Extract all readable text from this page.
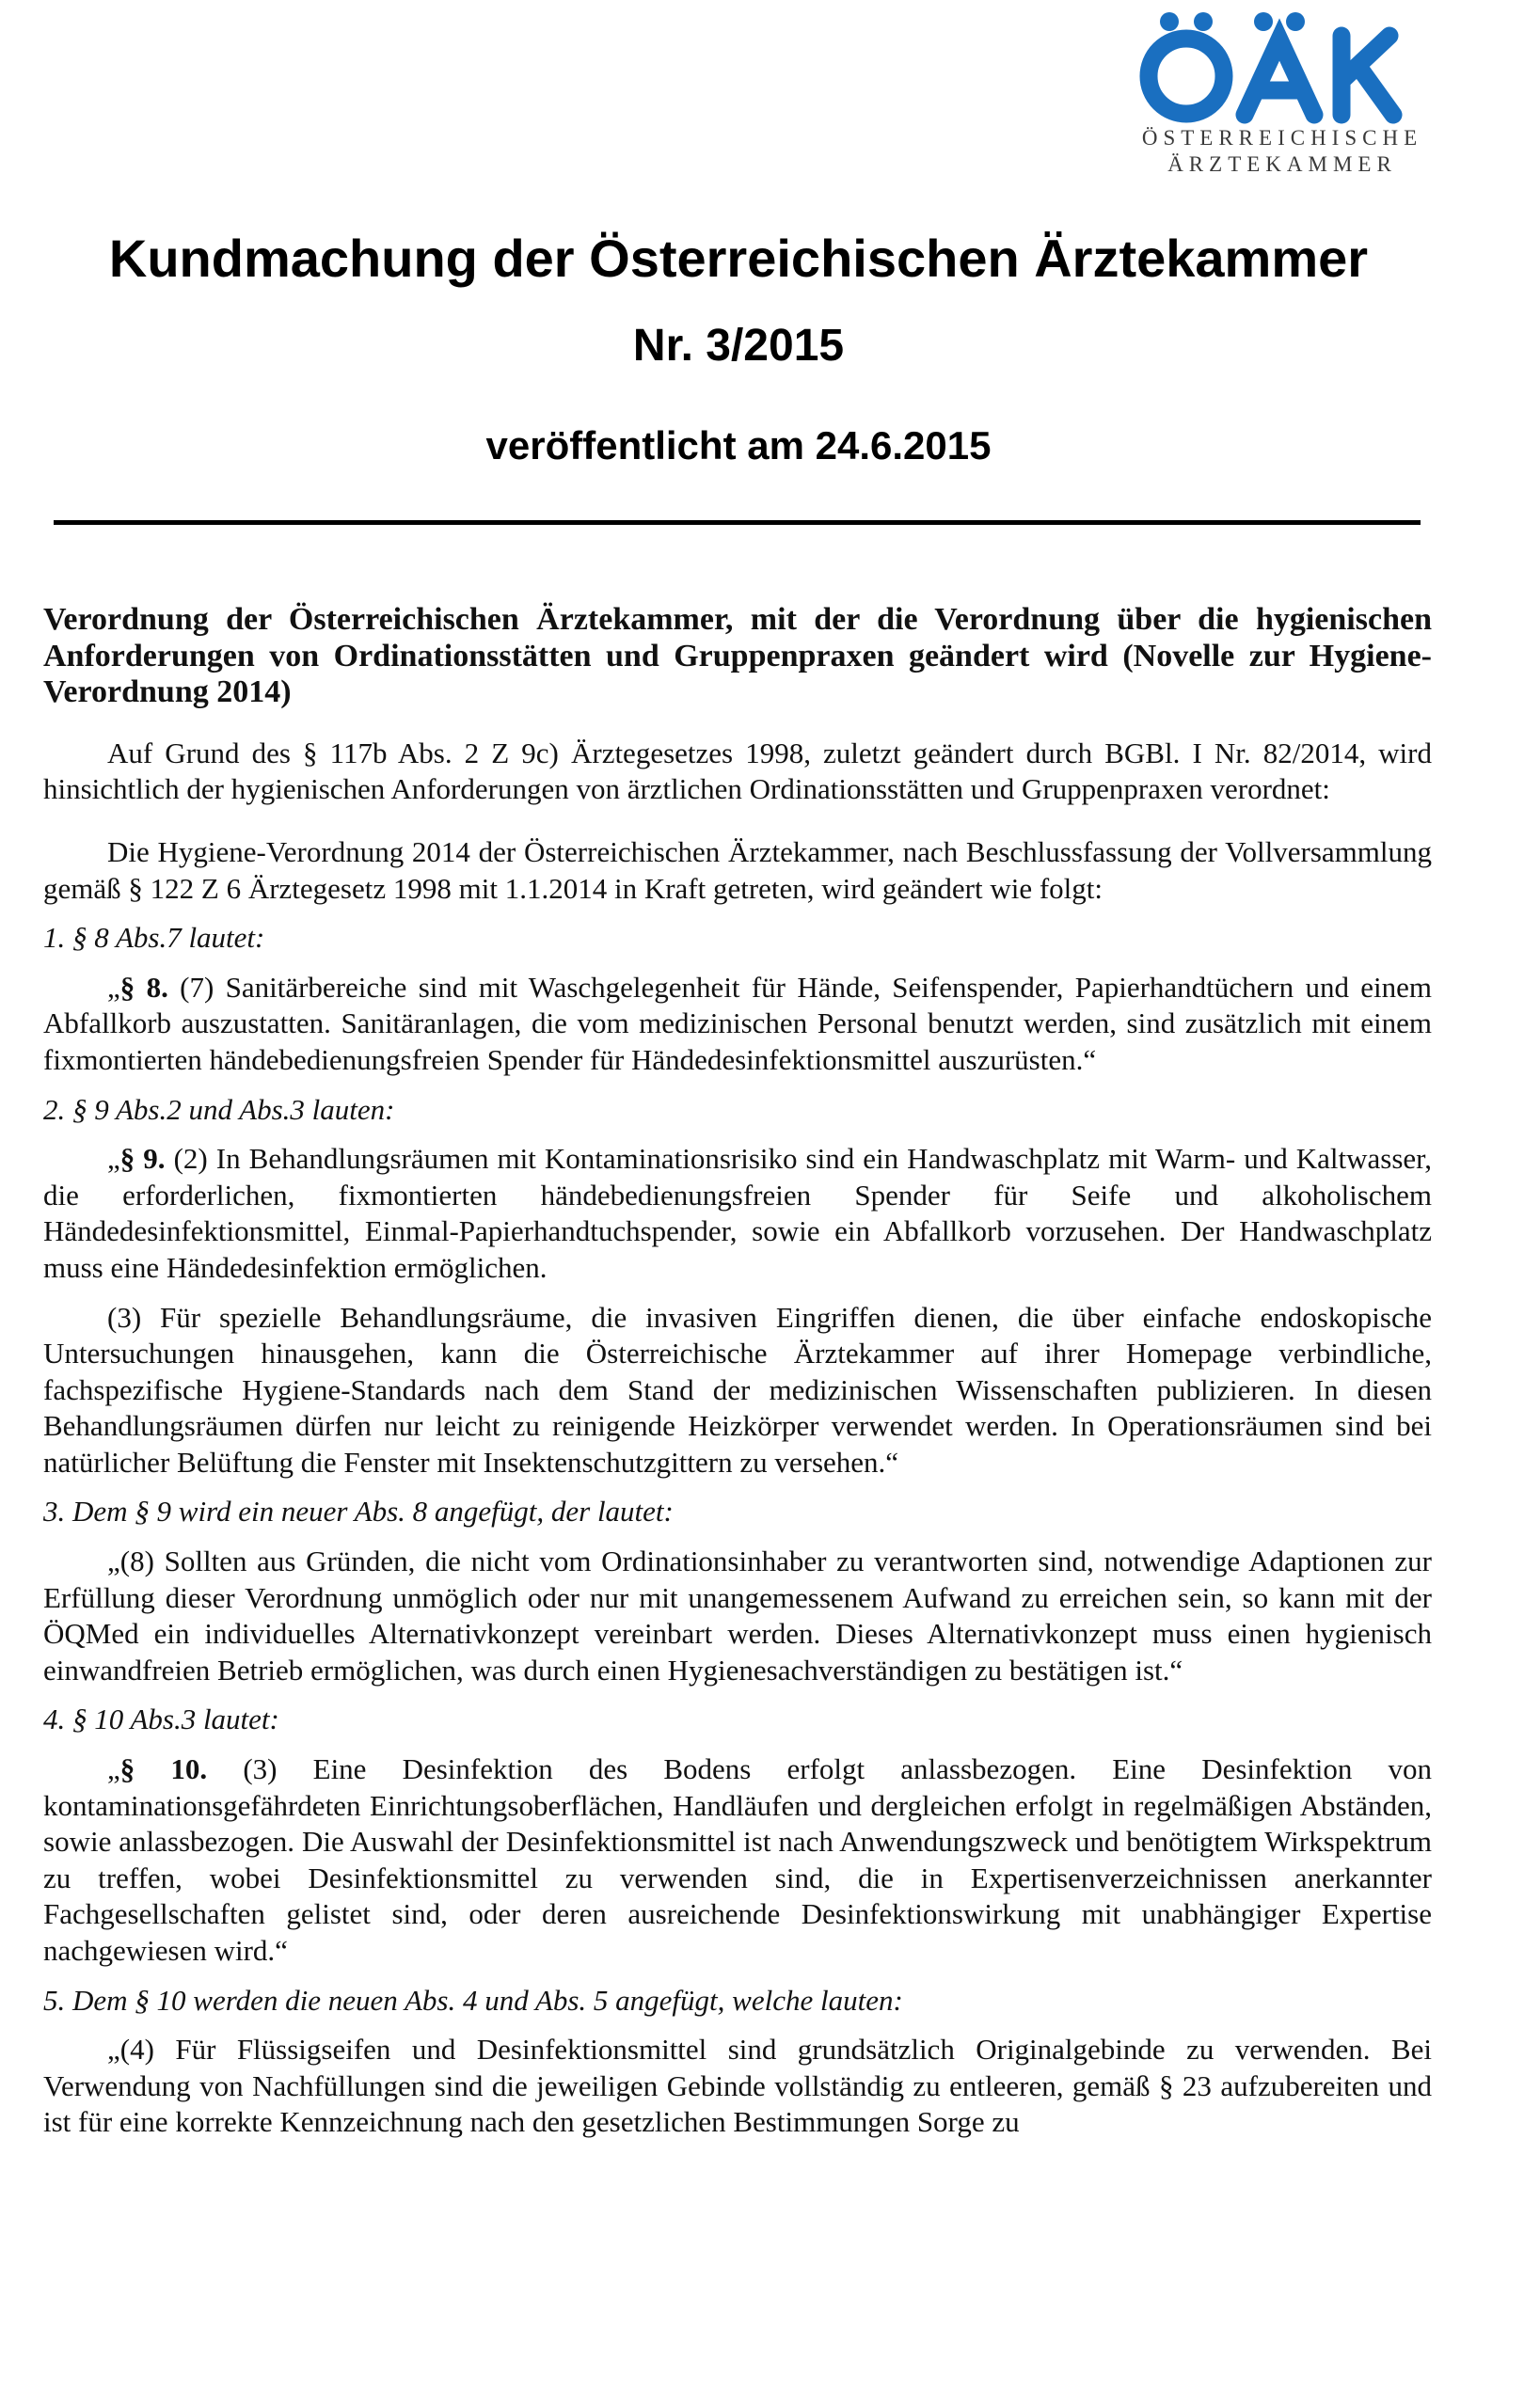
ÖSTERREICHISCHE
ÄRZTEKAMMER
Kundmachung der Österreichischen Ärztekammer
Nr. 3/2015
veröffentlicht am 24.6.2015
Verordnung der Österreichischen Ärztekammer, mit der die Verordnung über die hygienischen Anforderungen von Ordinationsstätten und Gruppenpraxen geändert wird (Novelle zur Hygiene-Verordnung 2014)

Auf Grund des § 117b Abs. 2 Z 9c) Ärztegesetzes 1998, zuletzt geändert durch BGBl. I Nr. 82/2014, wird hinsichtlich der hygienischen Anforderungen von ärztlichen Ordinationsstätten und Gruppenpraxen verordnet:

Die Hygiene-Verordnung 2014 der Österreichischen Ärztekammer, nach Beschlussfassung der Vollversammlung gemäß § 122 Z 6 Ärztegesetz 1998 mit 1.1.2014 in Kraft getreten, wird geändert wie folgt:

1. § 8 Abs.7 lautet:

„§ 8. (7) Sanitärbereiche sind mit Waschgelegenheit für Hände, Seifenspender, Papierhandtüchern und einem Abfallkorb auszustatten. Sanitäranlagen, die vom medizinischen Personal benutzt werden, sind zusätzlich mit einem fixmontierten händebedienungsfreien Spender für Händedesinfektionsmittel auszurüsten.“

2. § 9 Abs.2 und Abs.3 lauten:

„§ 9. (2) In Behandlungsräumen mit Kontaminationsrisiko sind ein Handwaschplatz mit Warm- und Kaltwasser, die erforderlichen, fixmontierten händebedienungsfreien Spender für Seife und alkoholischem Händedesinfektionsmittel, Einmal-Papierhandtuchspender, sowie ein Abfallkorb vorzusehen. Der Handwaschplatz muss eine Händedesinfektion ermöglichen.

(3) Für spezielle Behandlungsräume, die invasiven Eingriffen dienen, die über einfache endoskopische Untersuchungen hinausgehen, kann die Österreichische Ärztekammer auf ihrer Homepage verbindliche, fachspezifische Hygiene-Standards nach dem Stand der medizinischen Wissenschaften publizieren. In diesen Behandlungsräumen dürfen nur leicht zu reinigende Heizkörper verwendet werden. In Operationsräumen sind bei natürlicher Belüftung die Fenster mit Insektenschutzgittern zu versehen.“

3. Dem § 9 wird ein neuer Abs. 8 angefügt, der lautet:

„(8) Sollten aus Gründen, die nicht vom Ordinationsinhaber zu verantworten sind, notwendige Adaptionen zur Erfüllung dieser Verordnung unmöglich oder nur mit unangemessenem Aufwand zu erreichen sein, so kann mit der ÖQMed ein individuelles Alternativkonzept vereinbart werden. Dieses Alternativkonzept muss einen hygienisch einwandfreien Betrieb ermöglichen, was durch einen Hygienesachverständigen zu bestätigen ist.“

4. § 10 Abs.3 lautet:

„§ 10. (3) Eine Desinfektion des Bodens erfolgt anlassbezogen. Eine Desinfektion von kontaminationsgefährdeten Einrichtungsoberflächen, Handläufen und dergleichen erfolgt in regelmäßigen Abständen, sowie anlassbezogen. Die Auswahl der Desinfektionsmittel ist nach Anwendungszweck und benötigtem Wirkspektrum zu treffen, wobei Desinfektionsmittel zu verwenden sind, die in Expertisenverzeichnissen anerkannter Fachgesellschaften gelistet sind, oder deren ausreichende Desinfektionswirkung mit unabhängiger Expertise nachgewiesen wird.“

5. Dem § 10 werden die neuen Abs. 4 und Abs. 5 angefügt, welche lauten:

„(4) Für Flüssigseifen und Desinfektionsmittel sind grundsätzlich Originalgebinde zu verwenden. Bei Verwendung von Nachfüllungen sind die jeweiligen Gebinde vollständig zu entleeren, gemäß § 23 aufzubereiten und ist für eine korrekte Kennzeichnung nach den gesetzlichen Bestimmungen Sorge zu
